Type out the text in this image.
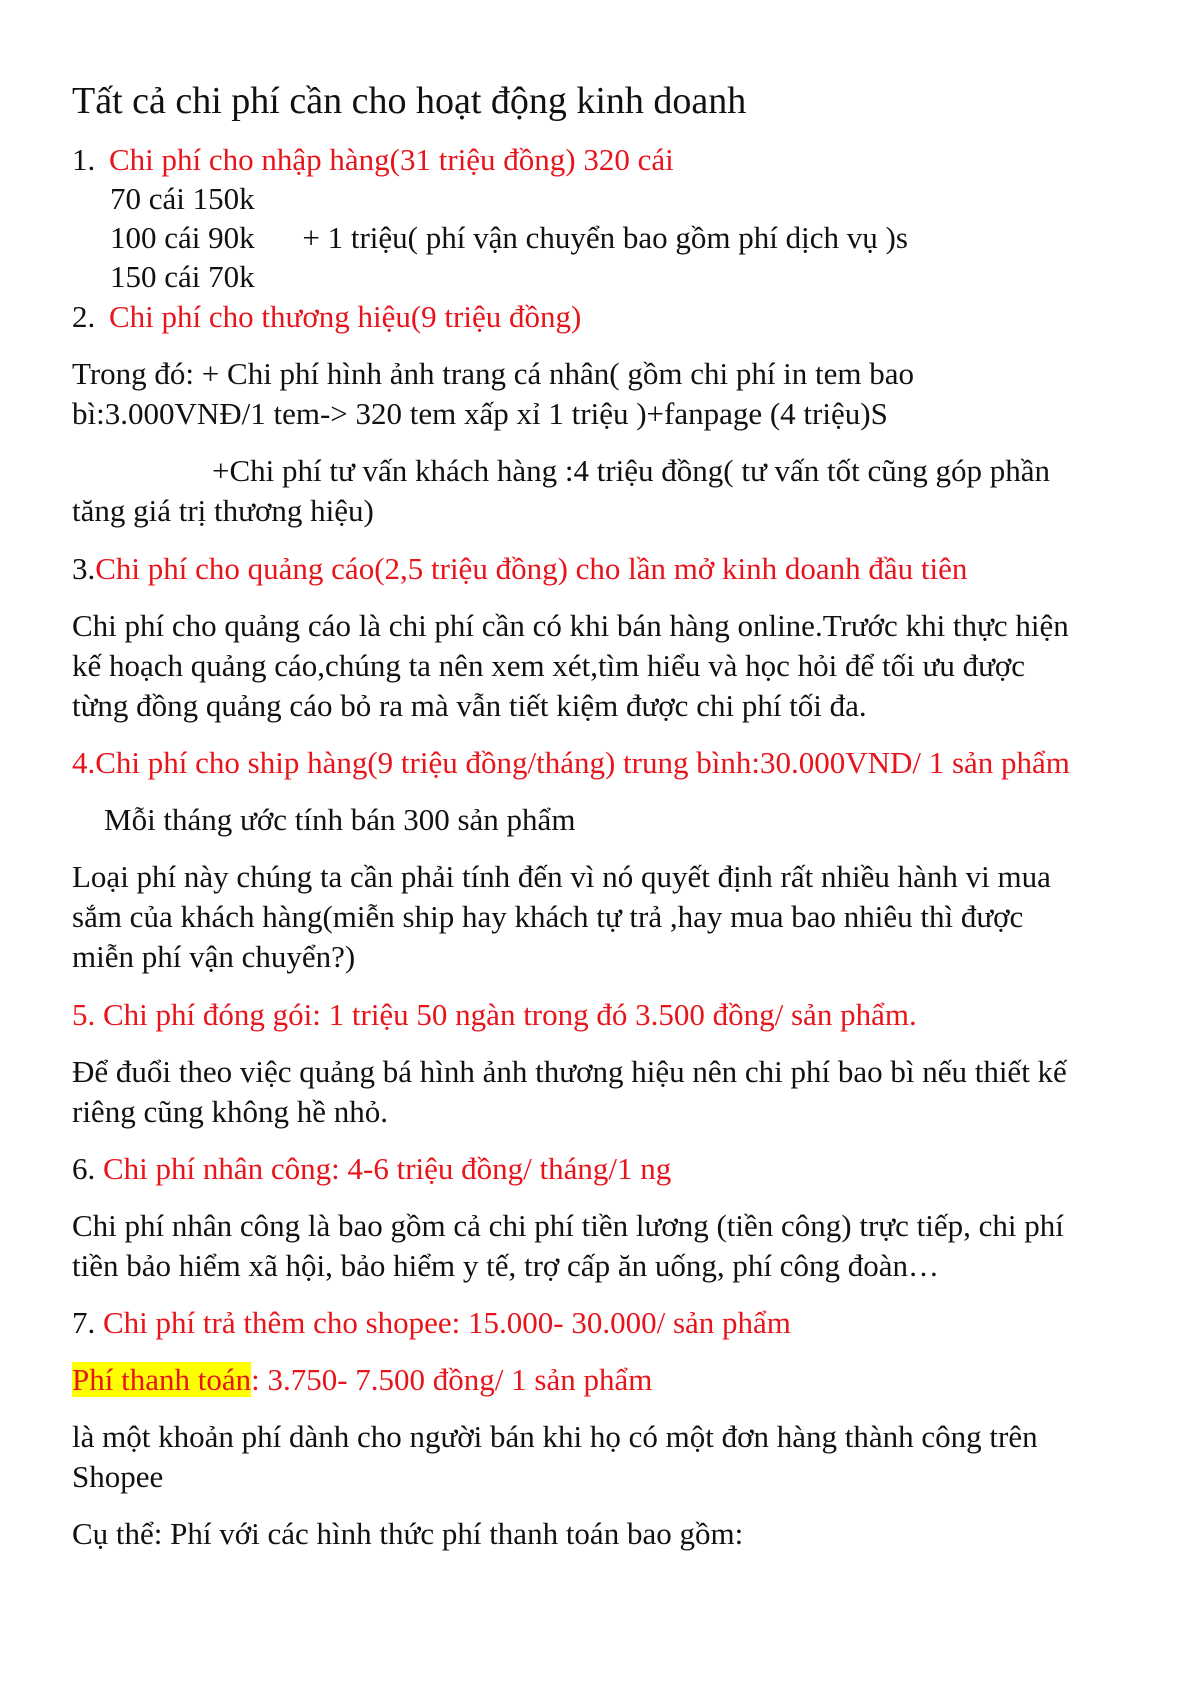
Tất cả chi phí cần cho hoạt động kinh doanh

1. Chi phí cho nhập hàng(31 triệu đồng) 320 cái

70 cái 150k

100 cái 90k + 1 triệu( phí vận chuyển bao gồm phí dịch vụ )s

150 cái 70k

2. Chi phí cho thương hiệu(9 triệu đồng)

Trong đó: + Chi phí hình ảnh trang cá nhân( gồm chi phí in tem bao

bì:3.000VNĐ/1 tem-> 320 tem xấp xỉ 1 triệu )+fanpage (4 triệu)S

+Chi phí tư vấn khách hàng :4 triệu đồng( tư vấn tốt cũng góp phần

tăng giá trị thương hiệu)

3.Chi phí cho quảng cáo(2,5 triệu đồng) cho lần mở kinh doanh đầu tiên

Chi phí cho quảng cáo là chi phí cần có khi bán hàng online.Trước khi thực hiện

kế hoạch quảng cáo,chúng ta nên xem xét,tìm hiểu và học hỏi để tối ưu được

từng đồng quảng cáo bỏ ra mà vẫn tiết kiệm được chi phí tối đa.

4.Chi phí cho ship hàng(9 triệu đồng/tháng) trung bình:30.000VND/ 1 sản phẩm

Mỗi tháng ước tính bán 300 sản phẩm

Loại phí này chúng ta cần phải tính đến vì nó quyết định rất nhiều hành vi mua

sắm của khách hàng(miễn ship hay khách tự trả ,hay mua bao nhiêu thì được

miễn phí vận chuyển?)

5. Chi phí đóng gói: 1 triệu 50 ngàn trong đó 3.500 đồng/ sản phẩm.

Để đuổi theo việc quảng bá hình ảnh thương hiệu nên chi phí bao bì nếu thiết kế

riêng cũng không hề nhỏ.

6. Chi phí nhân công: 4-6 triệu đồng/ tháng/1 ng

Chi phí nhân công là bao gồm cả chi phí tiền lương (tiền công) trực tiếp, chi phí

tiền bảo hiểm xã hội, bảo hiểm y tế, trợ cấp ăn uống, phí công đoàn…

7. Chi phí trả thêm cho shopee: 15.000- 30.000/ sản phẩm

Phí thanh toán: 3.750- 7.500 đồng/ 1 sản phẩm

là một khoản phí dành cho người bán khi họ có một đơn hàng thành công trên

Shopee

Cụ thể: Phí với các hình thức phí thanh toán bao gồm:
